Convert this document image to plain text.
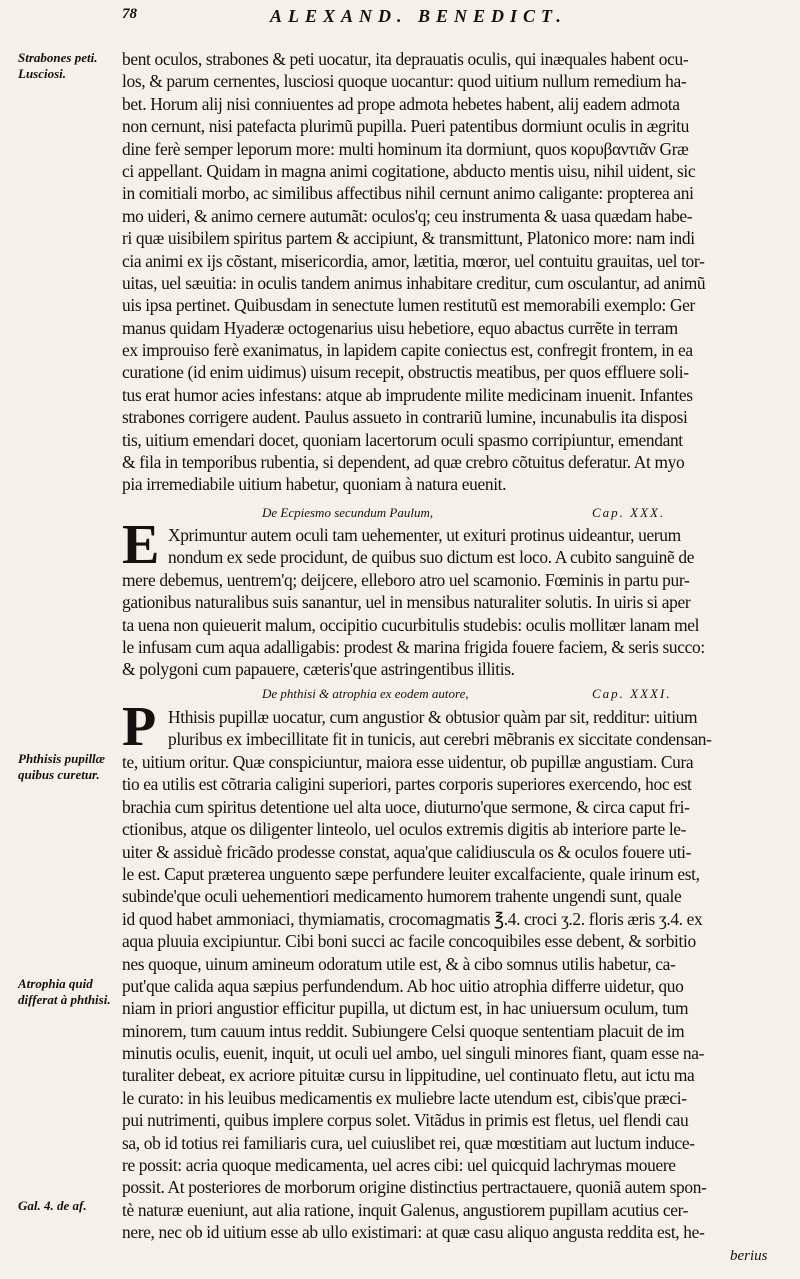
78	ALEXAND. BENEDICT.
Strabones peti. Lusciosi.
Phthisis pupillæ quibus curetur.
Atrophia quid differat à phthisi.
Gal. 4. de af.
bent oculos, strabones & peti uocatur, ita deprauatis oculis, qui inæquales habent ocu-
los, & parum cernentes, lusciosi quoque uocantur: quod uitium nullum remedium ha-
bet. Horum alij nisi conniuentes ad prope admota hebetes habent, alij eadem admota
non cernunt, nisi patefacta plurimũ pupilla. Pueri patentibus dormiunt oculis in ægritu
dine ferè semper leporum more: multi hominum ita dormiunt, quos κορυβαντιᾶν Græ
ci appellant. Quidam in magna animi cogitatione, abducto mentis uisu, nihil uident, sic
in comitiali morbo, ac similibus affectibus nihil cernunt animo caligante: propterea ani
mo uideri, & animo cernere autumãt: oculos'q; ceu instrumenta & uasa quædam habe-
ri quæ uisibilem spiritus partem & accipiunt, & transmittunt, Platonico more: nam indi
cia animi ex ijs cõstant, misericordia, amor, lætitia, mœror, uel contuitu grauitas, uel tor-
uitas, uel sæuitia: in oculis tandem animus inhabitare creditur, cum osculantur, ad animũ
uis ipsa pertinet. Quibusdam in senectute lumen restitutũ est memorabili exemplo: Ger
manus quidam Hyaderæ octogenarius uisu hebetiore, equo abactus currẽte in terram
ex improuiso ferè exanimatus, in lapidem capite coniectus est, confregit frontem, in ea
curatione (id enim uidimus) uisum recepit, obstructis meatibus, per quos effluere soli-
tus erat humor acies infestans: atque ab imprudente milite medicinam inuenit. Infantes
strabones corrigere audent. Paulus assueto in contrariũ lumine, incunabulis ita disposi
tis, uitium emendari docet, quoniam lacertorum oculi spasmo corripiuntur, emendant
& fila in temporibus rubentia, si dependent, ad quæ crebro cõtuitus deferatur. At myo
pia irremediabile uitium habetur, quoniam à natura euenit.
De Ecpiesmo secundum Paulum,	Cap. XXX.
E Xprimuntur autem oculi tam uehementer, ut exituri protinus uideantur, uerum
nondum ex sede procidunt, de quibus suo dictum est loco. A cubito sanguinẽ de
mere debemus, uentrem'q; deijcere, elleboro atro uel scamonio. Fœminis in partu pur-
gationibus naturalibus suis sanantur, uel in mensibus naturaliter solutis. In uiris si aper
ta uena non quieuerit malum, occipitio cucurbitulis studebis: oculis mollitær lanam mel
le infusam cum aqua adalligabis: prodest & marina frigida fouere faciem, & seris succo:
& polygoni cum papauere, cæteris'que astringentibus illitis.
De phthisi & atrophia ex eodem autore,	Cap. XXXI.
P Hthisis pupillæ uocatur, cum angustior & obtusior quàm par sit, redditur: uitium
pluribus ex imbecillitate fit in tunicis, aut cerebri mẽbranis ex siccitate condensan-
te, uitium oritur. Quæ conspiciuntur, maiora esse uidentur, ob pupillæ angustiam. Cura
tio ea utilis est cõtraria caligini superiori, partes corporis superiores exercendo, hoc est
brachia cum spiritus detentione uel alta uoce, diuturno'que sermone, & circa caput fri-
ctionibus, atque os diligenter linteolo, uel oculos extremis digitis ab interiore parte le-
uiter & assiduè fricãdo prodesse constat, aqua'que calidiuscula os & oculos fouere uti-
le est. Caput præterea unguento sæpe perfundere leuiter excalfaciente, quale irinum est,
subinde'que oculi uehementiori medicamento humorem trahente ungendi sunt, quale
id quod habet ammoniaci, thymiamatis, crocomagmatis ℥.4. croci ʒ.2. floris æris ʒ.4. ex
aqua pluuia excipiuntur. Cibi boni succi ac facile concoquibiles esse debent, & sorbitio
nes quoque, uinum amineum odoratum utile est, & à cibo somnus utilis habetur, ca-
put'que calida aqua sæpius perfundendum. Ab hoc uitio atrophia differre uidetur, quo
niam in priori angustior efficitur pupilla, ut dictum est, in hac uniuersum oculum, tum
minorem, tum cauum intus reddit. Subiungere Celsi quoque sententiam placuit de im
minutis oculis, euenit, inquit, ut oculi uel ambo, uel singuli minores fiant, quam esse na-
turaliter debeat, ex acriore pituitæ cursu in lippitudine, uel continuato fletu, aut ictu ma
le curato: in his leuibus medicamentis ex muliebre lacte utendum est, cibis'que præci-
pui nutrimenti, quibus implere corpus solet. Vitãdus in primis est fletus, uel flendi cau
sa, ob id totius rei familiaris cura, uel cuiuslibet rei, quæ mœstitiam aut luctum induce-
re possit: acria quoque medicamenta, uel acres cibi: uel quicquid lachrymas mouere
possit. At posteriores de morborum origine distinctius pertractauere, quoniã autem spon-
tè naturæ eueniunt, aut alia ratione, inquit Galenus, angustiorem pupillam acutius cer-
nere, nec ob id uitium esse ab ullo existimari: at quæ casu aliquo angusta reddita est, he-
berius
